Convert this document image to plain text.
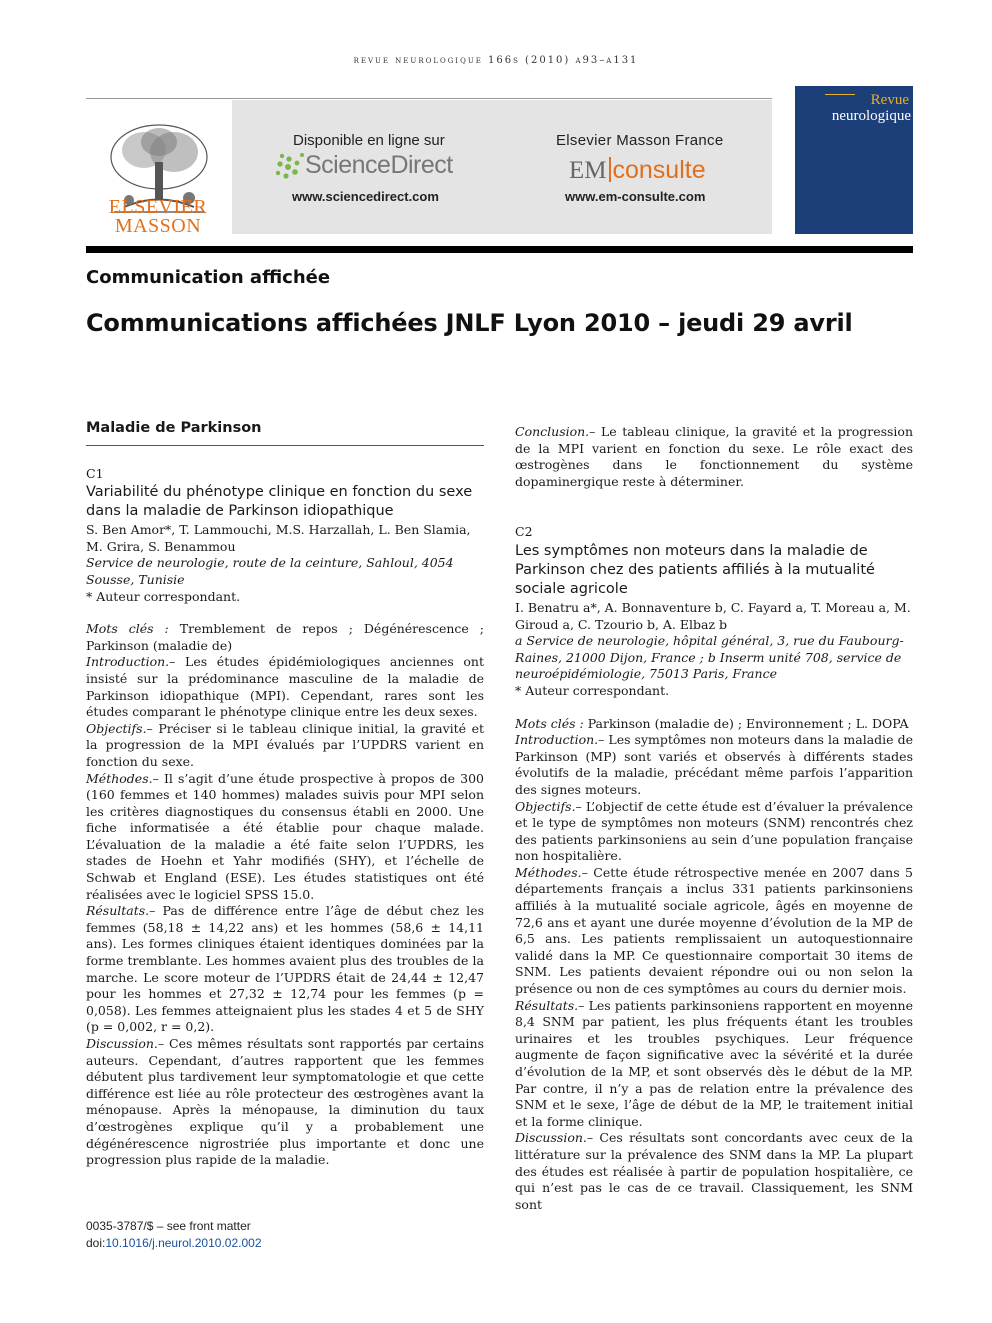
revue neurologique 166s (2010) a93–a131
ELSEVIER
MASSON
Disponible en ligne sur
ScienceDirect
www.sciencedirect.com
Elsevier Masson France
EM consulte
www.em-consulte.com
Revue
neurologique
Communication affichée
Communications affichées JNLF Lyon 2010 – jeudi 29 avril
Maladie de Parkinson
C1
Variabilité du phénotype clinique en fonction du sexe dans la maladie de Parkinson idiopathique
S. Ben Amor*, T. Lammouchi, M.S. Harzallah, L. Ben Slamia, M. Grira, S. Benammou
Service de neurologie, route de la ceinture, Sahloul, 4054 Sousse, Tunisie
* Auteur correspondant.

Mots clés : Tremblement de repos ; Dégénérescence ; Parkinson (maladie de)

Introduction.– Les études épidémiologiques anciennes ont insisté sur la prédominance masculine de la maladie de Parkinson idiopathique (MPI). Cependant, rares sont les études comparant le phénotype clinique entre les deux sexes.

Objectifs.– Préciser si le tableau clinique initial, la gravité et la progression de la MPI évalués par l’UPDRS varient en fonction du sexe.

Méthodes.– Il s’agit d’une étude prospective à propos de 300 (160 femmes et 140 hommes) malades suivis pour MPI selon les critères diagnostiques du consensus établi en 2000. Une fiche informatisée a été établie pour chaque malade. L’évaluation de la maladie a été faite selon l’UPDRS, les stades de Hoehn et Yahr modifiés (SHY), et l’échelle de Schwab et England (ESE). Les études statistiques ont été réalisées avec le logiciel SPSS 15.0.

Résultats.– Pas de différence entre l’âge de début chez les femmes (58,18 ± 14,22 ans) et les hommes (58,6 ± 14,11 ans). Les formes cliniques étaient identiques dominées par la forme tremblante. Les hommes avaient plus des troubles de la marche. Le score moteur de l’UPDRS était de 24,44 ± 12,47 pour les hommes et 27,32 ± 12,74 pour les femmes (p = 0,058). Les femmes atteignaient plus les stades 4 et 5 de SHY (p = 0,002, r = 0,2).

Discussion.– Ces mêmes résultats sont rapportés par certains auteurs. Cependant, d’autres rapportent que les femmes débutent plus tardivement leur symptomatologie et que cette différence est liée au rôle protecteur des œstrogènes avant la ménopause. Après la ménopause, la diminution du taux d’œstrogènes explique qu’il y a probablement une dégénérescence nigrostriée plus importante et donc une progression plus rapide de la maladie.

Conclusion.– Le tableau clinique, la gravité et la progression de la MPI varient en fonction du sexe. Le rôle exact des œstrogènes dans le fonctionnement du système dopaminergique reste à déterminer.

C2
Les symptômes non moteurs dans la maladie de Parkinson chez des patients affiliés à la mutualité sociale agricole
I. Benatru a*, A. Bonnaventure b, C. Fayard a, T. Moreau a, M. Giroud a, C. Tzourio b, A. Elbaz b
a Service de neurologie, hôpital général, 3, rue du Faubourg-Raines, 21000 Dijon, France ; b Inserm unité 708, service de neuroépidémiologie, 75013 Paris, France
* Auteur correspondant.

Mots clés : Parkinson (maladie de) ; Environnement ; L. DOPA

Introduction.– Les symptômes non moteurs dans la maladie de Parkinson (MP) sont variés et observés à différents stades évolutifs de la maladie, précédant même parfois l’apparition des signes moteurs.

Objectifs.– L’objectif de cette étude est d’évaluer la prévalence et le type de symptômes non moteurs (SNM) rencontrés chez des patients parkinsoniens au sein d’une population française non hospitalière.

Méthodes.– Cette étude rétrospective menée en 2007 dans 5 départements français a inclus 331 patients parkinsoniens affiliés à la mutualité sociale agricole, âgés en moyenne de 72,6 ans et ayant une durée moyenne d’évolution de la MP de 6,5 ans. Les patients remplissaient un autoquestionnaire validé dans la MP. Ce questionnaire comportait 30 items de SNM. Les patients devaient répondre oui ou non selon la présence ou non de ces symptômes au cours du dernier mois.

Résultats.– Les patients parkinsoniens rapportent en moyenne 8,4 SNM par patient, les plus fréquents étant les troubles urinaires et les troubles psychiques. Leur fréquence augmente de façon significative avec la sévérité et la durée d’évolution de la MP, et sont observés dès le début de la MP. Par contre, il n’y a pas de relation entre la prévalence des SNM et le sexe, l’âge de début de la MP, le traitement initial et la forme clinique.

Discussion.– Ces résultats sont concordants avec ceux de la littérature sur la prévalence des SNM dans la MP. La plupart des études est réalisée à partir de population hospitalière, ce qui n’est pas le cas de ce travail. Classiquement, les SNM sont

0035-3787/$ – see front matter
doi:10.1016/j.neurol.2010.02.002
